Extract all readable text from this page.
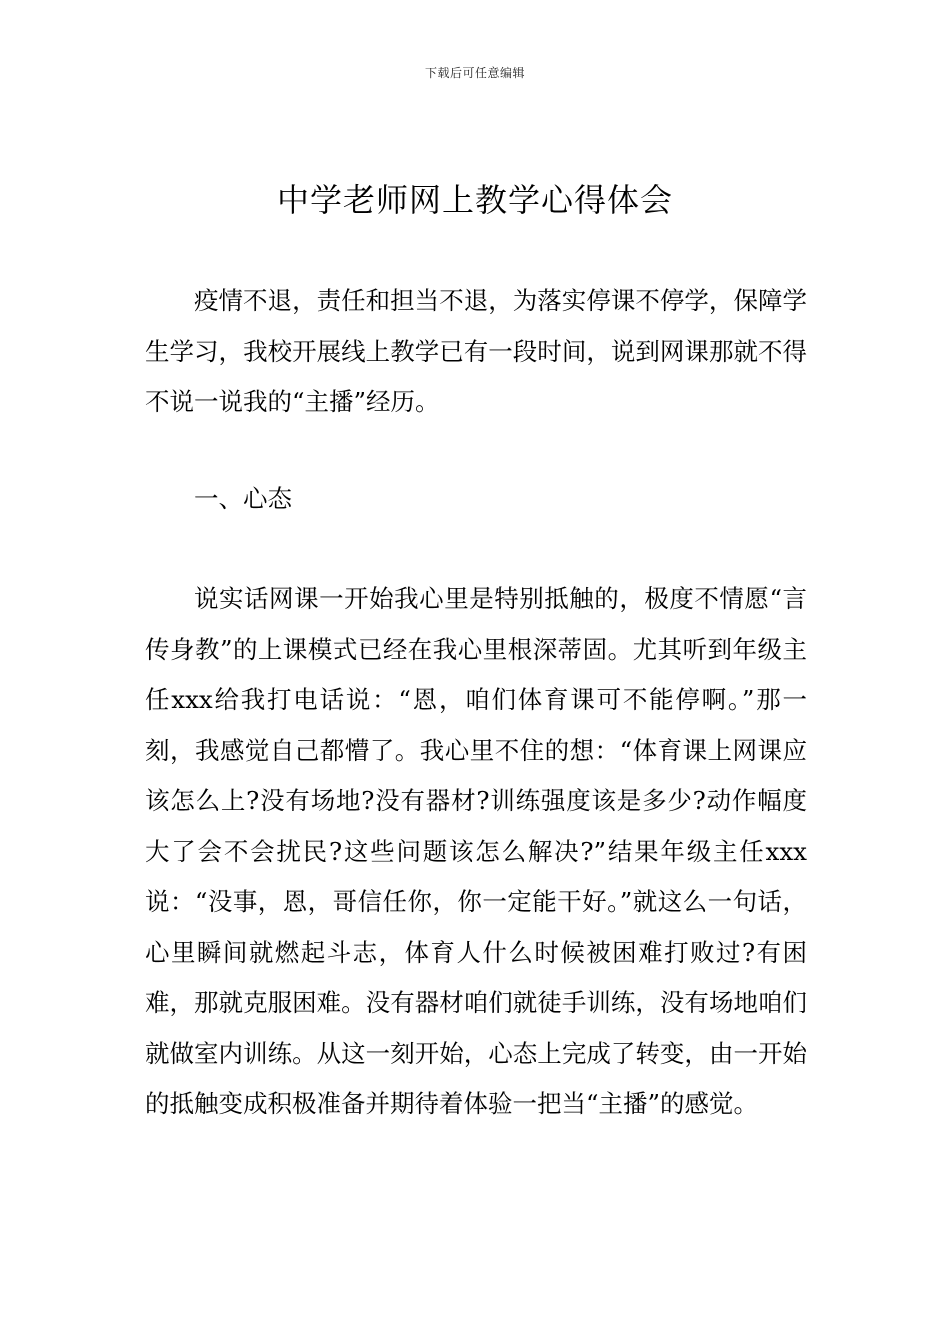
下载后可任意编辑
中学老师网上教学心得体会

疫情不退，责任和担当不退，为落实停课不停学，保障学生学习，我校开展线上教学已有一段时间，说到网课那就不得不说一说我的“主播”经历。

一、心态

说实话网课一开始我心里是特别抵触的，极度不情愿“言传身教”的上课模式已经在我心里根深蒂固。尤其听到年级主任xxx给我打电话说：“恩，咱们体育课可不能停啊。”那一刻，我感觉自己都懵了。我心里不住的想：“体育课上网课应该怎么上?没有场地?没有器材?训练强度该是多少?动作幅度大了会不会扰民?这些问题该怎么解决?”结果年级主任xxx说：“没事，恩，哥信任你，你一定能干好。”就这么一句话，心里瞬间就燃起斗志，体育人什么时候被困难打败过?有困难，那就克服困难。没有器材咱们就徒手训练，没有场地咱们就做室内训练。从这一刻开始，心态上完成了转变，由一开始的抵触变成积极准备并期待着体验一把当“主播”的感觉。
